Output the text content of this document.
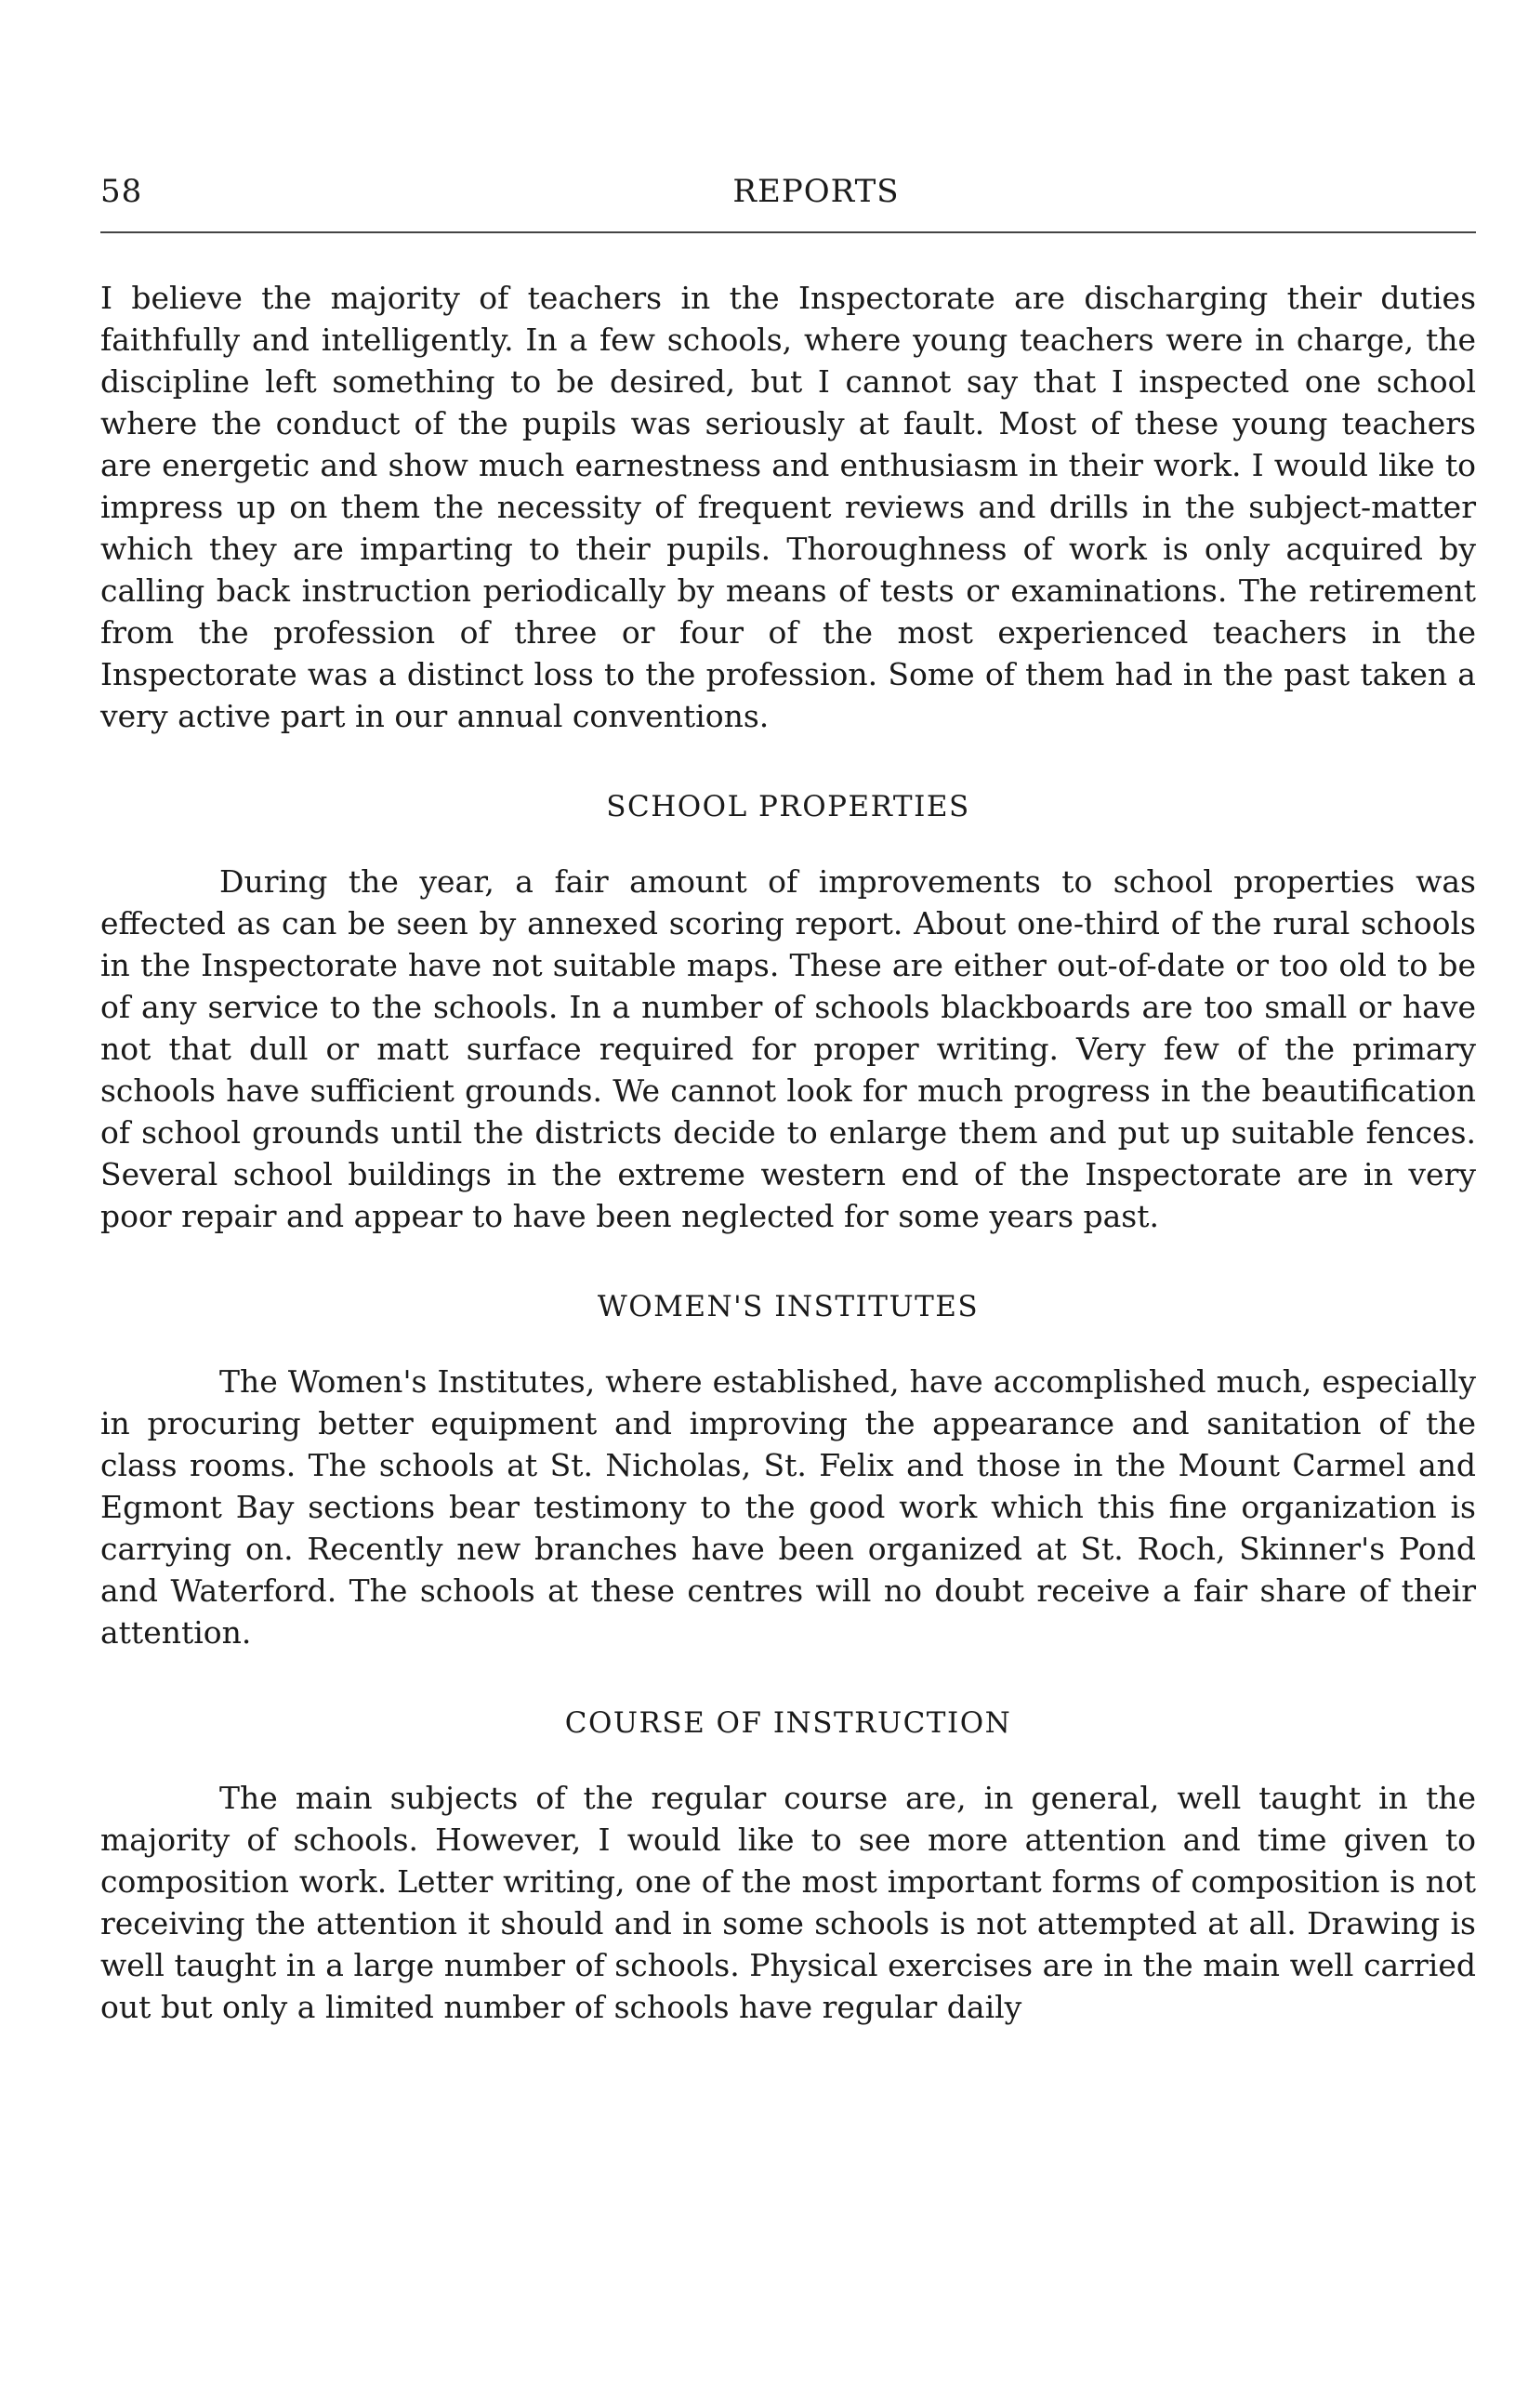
58	REPORTS

I believe the majority of teachers in the Inspectorate are discharging their duties faithfully and intelligently. In a few schools, where young teachers were in charge, the discipline left something to be desired, but I cannot say that I inspected one school where the conduct of the pupils was seriously at fault. Most of these young teachers are energetic and show much earnestness and enthusiasm in their work. I would like to impress up on them the necessity of frequent reviews and drills in the subject-matter which they are imparting to their pupils. Thoroughness of work is only acquired by calling back instruction periodically by means of tests or examinations. The retirement from the profession of three or four of the most experienced teachers in the Inspectorate was a distinct loss to the profession. Some of them had in the past taken a very active part in our annual conventions.

SCHOOL PROPERTIES

During the year, a fair amount of improvements to school properties was effected as can be seen by annexed scoring report. About one-third of the rural schools in the Inspectorate have not suitable maps. These are either out-of-date or too old to be of any service to the schools. In a number of schools blackboards are too small or have not that dull or matt surface required for proper writing. Very few of the primary schools have sufficient grounds. We cannot look for much progress in the beautification of school grounds until the districts decide to enlarge them and put up suitable fences. Several school buildings in the extreme western end of the Inspectorate are in very poor repair and appear to have been neglected for some years past.

WOMEN'S INSTITUTES

The Women's Institutes, where established, have accomplished much, especially in procuring better equipment and improving the appearance and sanitation of the class rooms. The schools at St. Nicholas, St. Felix and those in the Mount Carmel and Egmont Bay sections bear testimony to the good work which this fine organization is carrying on. Recently new branches have been organized at St. Roch, Skinner's Pond and Waterford. The schools at these centres will no doubt receive a fair share of their attention.

COURSE OF INSTRUCTION

The main subjects of the regular course are, in general, well taught in the majority of schools. However, I would like to see more attention and time given to composition work. Letter writing, one of the most important forms of composition is not receiving the attention it should and in some schools is not attempted at all. Drawing is well taught in a large number of schools. Physical exercises are in the main well carried out but only a limited number of schools have regular daily
